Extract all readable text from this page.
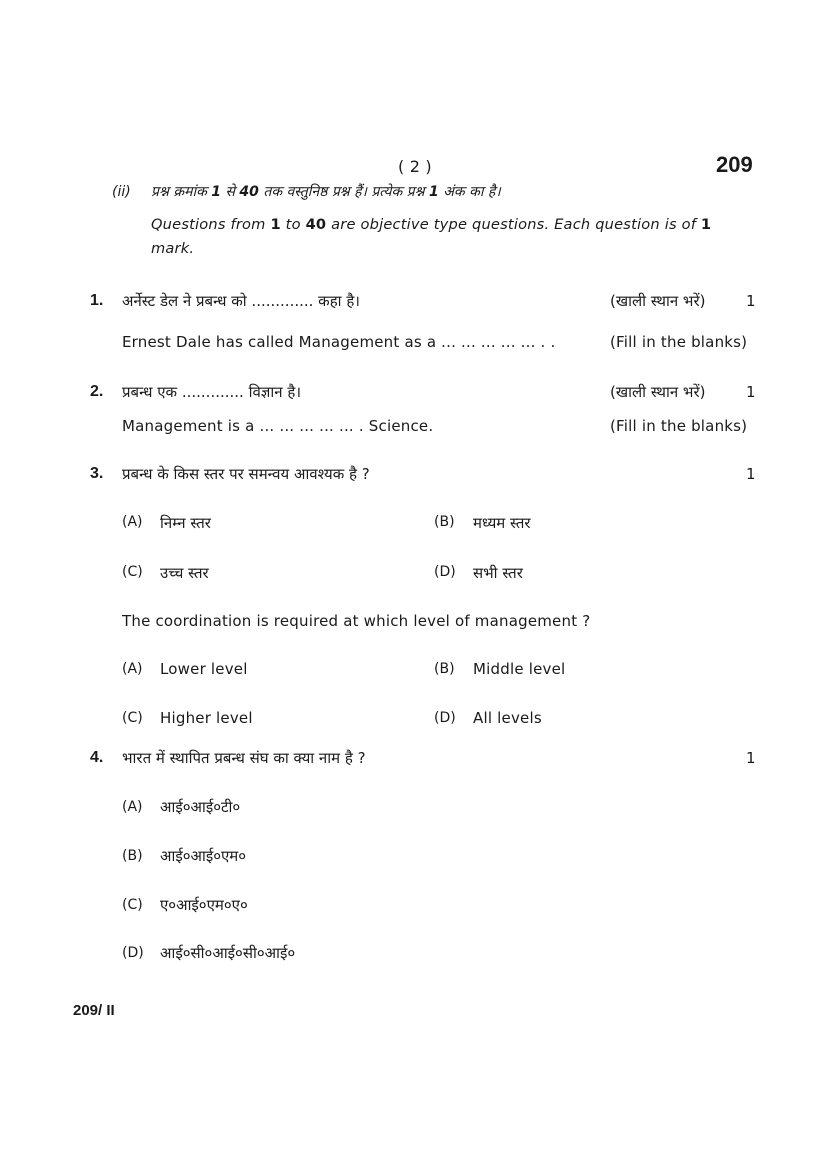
( 2 )	209
(ii) प्रश्न क्रमांक 1 से 40 तक वस्तुनिष्ठ प्रश्न हैं। प्रत्येक प्रश्न 1 अंक का है।
Questions from 1 to 40 are objective type questions. Each question is of 1
mark.
1. अर्नेस्ट डेल ने प्रबन्ध को ............. कहा है।	(खाली स्थान भरें)	1
Ernest Dale has called Management as a ... ... ... ... ... . .	(Fill in the blanks)
2. प्रबन्ध एक ............. विज्ञान है।	(खाली स्थान भरें)	1
Management is a ... ... ... ... ... . Science.	(Fill in the blanks)
3. प्रबन्ध के किस स्तर पर समन्वय आवश्यक है ?	1
(A) निम्न स्तर	(B) मध्यम स्तर
(C) उच्च स्तर	(D) सभी स्तर
The coordination is required at which level of management ?
(A) Lower level	(B) Middle level
(C) Higher level	(D) All levels
4. भारत में स्थापित प्रबन्ध संघ का क्या नाम है ?	1
(A) आई०आई०टी०
(B) आई०आई०एम०
(C) ए०आई०एम०ए०
(D) आई०सी०आई०सी०आई०
209/ II
